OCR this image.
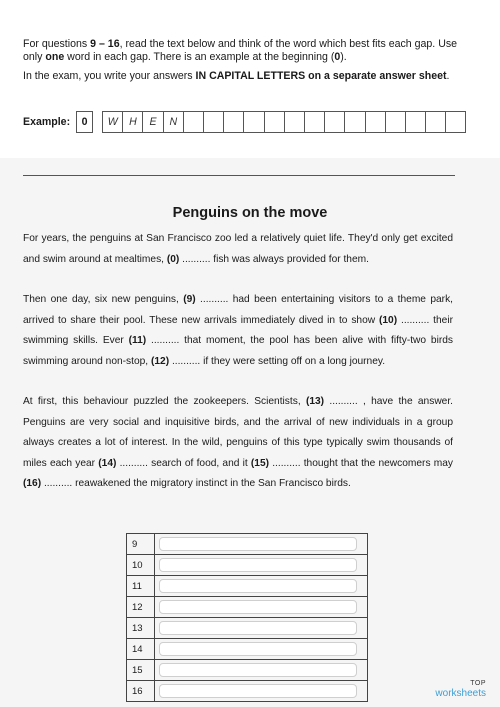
For questions 9 – 16, read the text below and think of the word which best fits each gap. Use only one word in each gap. There is an example at the beginning (0).
In the exam, you write your answers IN CAPITAL LETTERS on a separate answer sheet.
Example:	0	W	H	E	N
Penguins on the move
For years, the penguins at San Francisco zoo led a relatively quiet life. They'd only get excited and swim around at mealtimes, (0) .......... fish was always provided for them.
Then one day, six new penguins, (9) .......... had been entertaining visitors to a theme park, arrived to share their pool. These new arrivals immediately dived in to show (10) .......... their swimming skills. Ever (11) .......... that moment, the pool has been alive with fifty-two birds swimming around non-stop, (12) .......... if they were setting off on a long journey.
At first, this behaviour puzzled the zookeepers. Scientists, (13) .......... , have the answer. Penguins are very social and inquisitive birds, and the arrival of new individuals in a group always creates a lot of interest. In the wild, penguins of this type typically swim thousands of miles each year (14) .......... search of food, and it (15) .......... thought that the newcomers may (16) .......... reawakened the migratory instinct in the San Francisco birds.
9	

10	

11	

12	

13	

14	

15	

16	
TOP
worksheets
